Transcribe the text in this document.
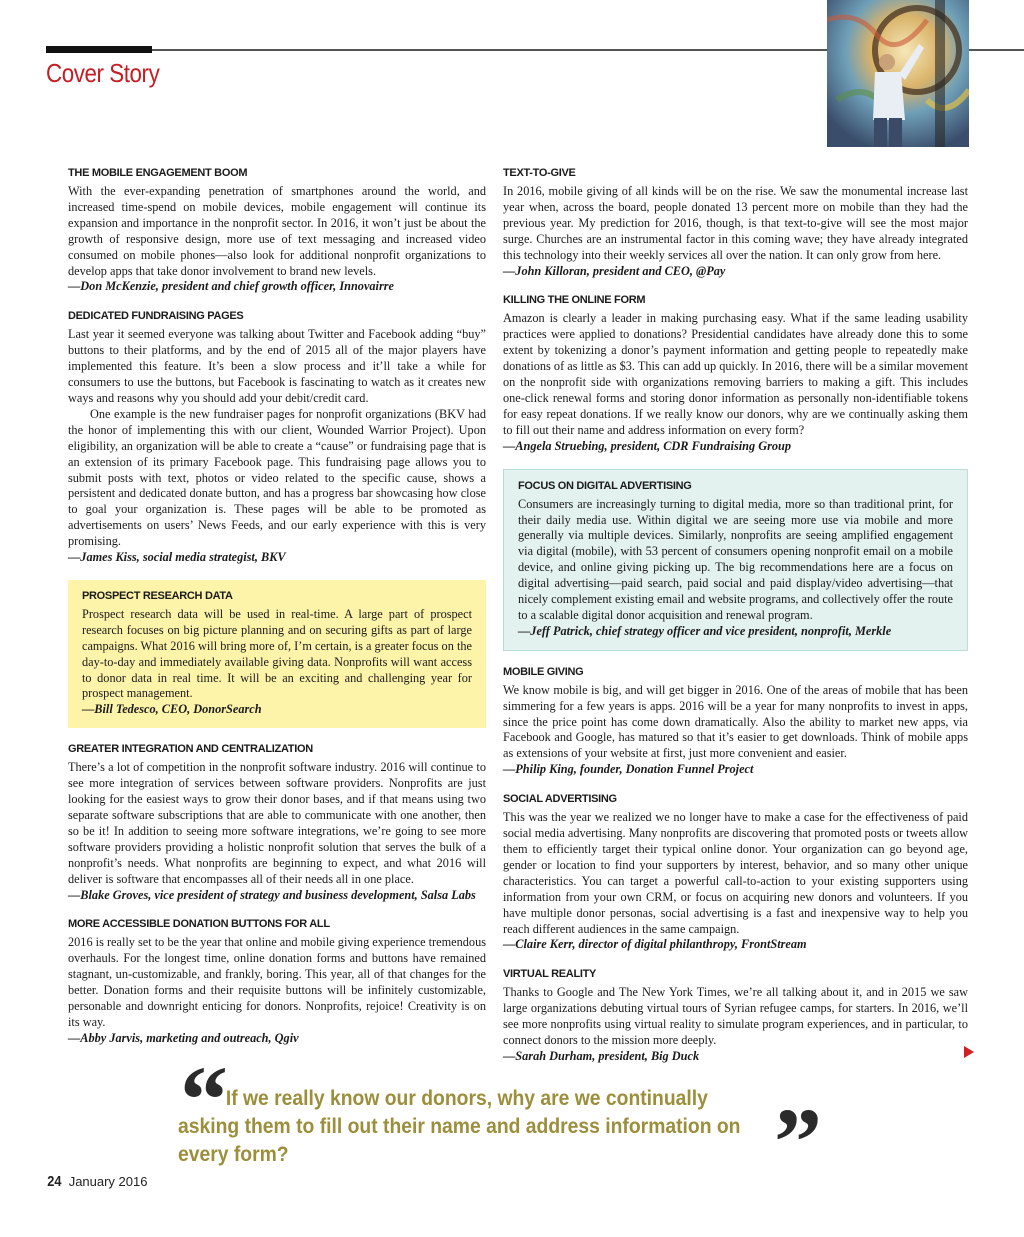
Cover Story

THE MOBILE ENGAGEMENT BOOM

With the ever-expanding penetration of smartphones around the world, and increased time-spend on mobile devices, mobile engagement will continue its expansion and importance in the nonprofit sector. In 2016, it won’t just be about the growth of responsive design, more use of text messaging and increased video consumed on mobile phones—also look for additional nonprofit organizations to develop apps that take donor involvement to brand new levels.

—Don McKenzie, president and chief growth officer, Innovairre

DEDICATED FUNDRAISING PAGES

Last year it seemed everyone was talking about Twitter and Facebook adding “buy” buttons to their platforms, and by the end of 2015 all of the major players have implemented this feature. It’s been a slow process and it’ll take a while for consumers to use the buttons, but Facebook is fascinating to watch as it creates new ways and reasons why you should add your debit/credit card.

One example is the new fundraiser pages for nonprofit organizations (BKV had the honor of implementing this with our client, Wounded Warrior Project). Upon eligibility, an organization will be able to create a “cause” or fundraising page that is an extension of its primary Facebook page. This fundraising page allows you to submit posts with text, photos or video related to the specific cause, shows a persistent and dedicated donate button, and has a progress bar showcasing how close to goal your organization is. These pages will be able to be promoted as advertisements on users’ News Feeds, and our early experience with this is very promising.

—James Kiss, social media strategist, BKV

PROSPECT RESEARCH DATA

Prospect research data will be used in real-time. A large part of prospect research focuses on big picture planning and on securing gifts as part of large campaigns. What 2016 will bring more of, I’m certain, is a greater focus on the day-to-day and immediately available giving data. Nonprofits will want access to donor data in real time. It will be an exciting and challenging year for prospect management.

—Bill Tedesco, CEO, DonorSearch

GREATER INTEGRATION AND CENTRALIZATION

There’s a lot of competition in the nonprofit software industry. 2016 will continue to see more integration of services between software providers. Nonprofits are just looking for the easiest ways to grow their donor bases, and if that means using two separate software subscriptions that are able to communicate with one another, then so be it! In addition to seeing more software integrations, we’re going to see more software providers providing a holistic nonprofit solution that serves the bulk of a nonprofit’s needs. What nonprofits are beginning to expect, and what 2016 will deliver is software that encompasses all of their needs all in one place.

—Blake Groves, vice president of strategy and business development, Salsa Labs

MORE ACCESSIBLE DONATION BUTTONS FOR ALL

2016 is really set to be the year that online and mobile giving experience tremendous overhauls. For the longest time, online donation forms and buttons have remained stagnant, un-customizable, and frankly, boring. This year, all of that changes for the better. Donation forms and their requisite buttons will be infinitely customizable, personable and downright enticing for donors. Nonprofits, rejoice! Creativity is on its way.

—Abby Jarvis, marketing and outreach, Qgiv

TEXT-TO-GIVE

In 2016, mobile giving of all kinds will be on the rise. We saw the monumental increase last year when, across the board, people donated 13 percent more on mobile than they had the previous year. My prediction for 2016, though, is that text-to-give will see the most major surge. Churches are an instrumental factor in this coming wave; they have already integrated this technology into their weekly services all over the nation. It can only grow from here.

—John Killoran, president and CEO, @Pay

KILLING THE ONLINE FORM

Amazon is clearly a leader in making purchasing easy. What if the same leading usability practices were applied to donations? Presidential candidates have already done this to some extent by tokenizing a donor’s payment information and getting people to repeatedly make donations of as little as $3. This can add up quickly. In 2016, there will be a similar movement on the nonprofit side with organizations removing barriers to making a gift. This includes one-click renewal forms and storing donor information as personally non-identifiable tokens for easy repeat donations. If we really know our donors, why are we continually asking them to fill out their name and address information on every form?

—Angela Struebing, president, CDR Fundraising Group

FOCUS ON DIGITAL ADVERTISING

Consumers are increasingly turning to digital media, more so than traditional print, for their daily media use. Within digital we are seeing more use via mobile and more generally via multiple devices. Similarly, nonprofits are seeing amplified engagement via digital (mobile), with 53 percent of consumers opening nonprofit email on a mobile device, and online giving picking up. The big recommendations here are a focus on digital advertising—paid search, paid social and paid display/video advertising—that nicely complement existing email and website programs, and collectively offer the route to a scalable digital donor acquisition and renewal program.

—Jeff Patrick, chief strategy officer and vice president, nonprofit, Merkle

MOBILE GIVING

We know mobile is big, and will get bigger in 2016. One of the areas of mobile that has been simmering for a few years is apps. 2016 will be a year for many nonprofits to invest in apps, since the price point has come down dramatically. Also the ability to market new apps, via Facebook and Google, has matured so that it’s easier to get downloads. Think of mobile apps as extensions of your website at first, just more convenient and easier.

—Philip King, founder, Donation Funnel Project

SOCIAL ADVERTISING

This was the year we realized we no longer have to make a case for the effectiveness of paid social media advertising. Many nonprofits are discovering that promoted posts or tweets allow them to efficiently target their typical online donor. Your organization can go beyond age, gender or location to find your supporters by interest, behavior, and so many other unique characteristics. You can target a powerful call-to-action to your existing supporters using information from your own CRM, or focus on acquiring new donors and volunteers. If you have multiple donor personas, social advertising is a fast and inexpensive way to help you reach different audiences in the same campaign.

—Claire Kerr, director of digital philanthropy, FrontStream

VIRTUAL REALITY

Thanks to Google and The New York Times, we’re all talking about it, and in 2015 we saw large organizations debuting virtual tours of Syrian refugee camps, for starters. In 2016, we’ll see more nonprofits using virtual reality to simulate program experiences, and in particular, to connect donors to the mission more deeply.

—Sarah Durham, president, Big Duck

“
If we really know our donors, why are we continually asking them to fill out their name and address information on every form?	”
24 January 2016
